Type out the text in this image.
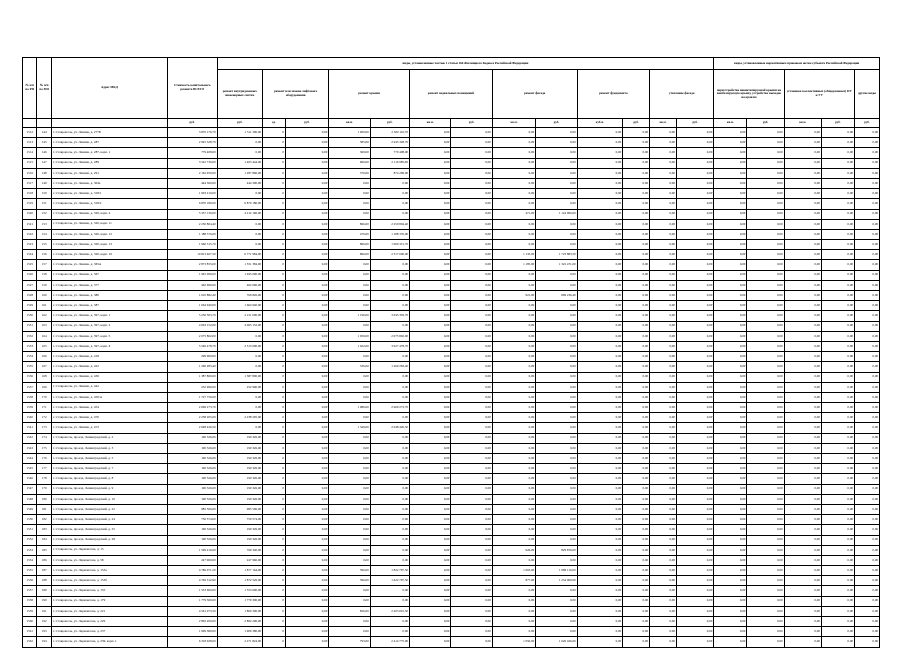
№ п/п по РП	№ п/п по МО	Адрес МКД	Стоимость капитального ремонта ВСЕГО	виды, установленные частью 1 статьи 166 Жилищного Кодекса Российской Федерации													виды, установленные нормативным правовым актом субъекта Российской Федерации				
				ремонт внутридомовых инженерных систем	ремонт или замена лифтового оборудования		ремонт крыши		ремонт подвальных помещений		ремонт фасада		ремонт фундамента		утепление фасада		переустройство невентилируемой крыши на вентилируемую крышу, устройство выходов на кровлю		установка коллективных (общедомовых) ПУ и УУ		другие виды
			руб.	руб.	ед.	руб.	кв.м.	руб.	кв.м.	руб.	кв.м.	руб.	куб.м.	руб.	кв.м.	руб.	кв.м.	руб.	кв.м.	руб.	руб.
1512	144	г. Ставрополь, ул. Ленина, д. 277Б	3 870 176,70	1 511 300,00	0	0,00	1 000,00	2 360 116,70	0,00	0,00	0,00	0,00	0,00	0,00	0,00	0,00	0,00	0,00	0,00	0,00	0,00
1513	145	г. Ставрополь, ул. Ленина, д. 287	2 945 328,70	0,00	0	0,00	585,00	2 945 328,70	0,00	0,00	0,00	0,00	0,00	0,00	0,00	0,00	0,00	0,00	0,00	0,00	0,00
1514	146	г. Ставрополь, ул. Ленина, д. 287, корп. 1	779 408,00	0,00	0	0,00	369,00	779 408,00	0,00	0,00	0,00	0,00	0,00	0,00	0,00	0,00	0,00	0,00	0,00	0,00	0,00
1515	147	г. Ставрополь, ул. Ленина, д. 289	3 522 730,00	1 403 444,00	0	0,00	966,00	2 116 985,00	0,00	0,00	0,00	0,00	0,00	0,00	0,00	0,00	0,00	0,00	0,00	0,00	0,00
1516	148	г. Ставрополь, ул. Ленина, д. 291	2 162 950,00	1 287 860,00	0	0,00	376,00	874 299,00	0,00	0,00	0,00	0,00	0,00	0,00	0,00	0,00	0,00	0,00	0,00	0,00	0,00
1517	149	г. Ставрополь, ул. Ленина, д. 304а	444 300,00	444 300,00	0	0,00	0,00	0,00	0,00	0,00	0,00	0,00	0,00	0,00	0,00	0,00	0,00	0,00	0,00	0,00	0,00
1518	150	г. Ставрополь, ул. Ленина, д. 318/1	1 903 210,00	0,00	0	0,00	0,00	0,00	0,00	0,00	0,00	0,00	0,00	0,00	0,00	0,00	0,00	0,00	0,00	0,00	0,00
1519	151	г. Ставрополь, ул. Ленина, д. 318/2	6 870 180,00	6 870 180,00	0	0,00	0,00	0,00	0,00	0,00	0,00	0,00	0,00	0,00	0,00	0,00	0,00	0,00	0,00	0,00	0,00
1520	152	г. Ставрополь, ул. Ленина, д. 320, корп. 4	5 337 130,00	4 212 160,00	0	0,00	0,00	0,00	0,00	0,00	471,00	1 124 960,00	0,00	0,00	0,00	0,00	0,00	0,00	0,00	0,00	0,00
1521	153	г. Ставрополь, ул. Ленина, д. 320, корп. 11	2 250 804,40	0,00	0	0,00	866,00	2 250 804,40	0,00	0,00	0,00	0,00	0,00	0,00	0,00	0,00	0,00	0,00	0,00	0,00	0,00
1522	154	г. Ставрополь, ул. Ленина, д. 320, корп. 12	1 188 376,00	0,00	0	0,00	476,00	1 188 376,00	0,00	0,00	0,00	0,00	0,00	0,00	0,00	0,00	0,00	0,00	0,00	0,00	0,00
1523	155	г. Ставрополь, ул. Ленина, д. 320, корп. 13	1 960 315,70	0,00	0	0,00	866,00	1 960 315,70	0,00	0,00	0,00	0,00	0,00	0,00	0,00	0,00	0,00	0,00	0,00	0,00	0,00
1524	156	г. Ставрополь, ул. Ленина, д. 320, корп. 19	10 813 467,50	6 771 984,00	0	0,00	866,00	2 317 600,00	0,00	0,00	1 135,00	1 723 883,50	0,00	0,00	0,00	0,00	0,00	0,00	0,00	0,00	0,00
1525	157	г. Ставрополь, ул. Ленина, д. 365А	2 873 855,00	1 551 384,00	0	0,00	0,00	0,00	0,00	0,00	1 185,00	1 322 471,00	0,00	0,00	0,00	0,00	0,00	0,00	0,00	0,00	0,00
1526	158	г. Ставрополь, ул. Ленина, д. 367	1 945 090,00	1 945 090,00	0	0,00	0,00	0,00	0,00	0,00	0,00	0,00	0,00	0,00	0,00	0,00	0,00	0,00	0,00	0,00	0,00
1527	159	г. Ставрополь, ул. Ленина, д. 377	462 690,00	462 690,00	0	0,00	0,00	0,00	0,00	0,00	0,00	0,00	0,00	0,00	0,00	0,00	0,00	0,00	0,00	0,00	0,00
1528	160	г. Ставрополь, ул. Ленина, д. 380	1 610 882,40	766 826,00	0	0,00	0,00	0,00	0,00	0,00	921,00	869 236,40	0,00	0,00	0,00	0,00	0,00	0,00	0,00	0,00	0,00
1529	161	г. Ставрополь, ул. Ленина, д. 387	1 664 940,00	1 664 940,00	0	0,00	0,00	0,00	0,00	0,00	0,00	0,00	0,00	0,00	0,00	0,00	0,00	0,00	0,00	0,00	0,00
1530	162	г. Ставрополь, ул. Ленина, д. 397, корп. 1	5 256 303,70	2 211 000,00	0	0,00	1 196,00	3 045 303,70	0,00	0,00	0,00	0,00	0,00	0,00	0,00	0,00	0,00	0,00	0,00	0,00	0,00
1531	163	г. Ставрополь, ул. Ленина, д. 397, корп. 2	4 063 152,00	4 063 152,00	0	0,00	0,00	0,00	0,00	0,00	0,00	0,00	0,00	0,00	0,00	0,00	0,00	0,00	0,00	0,00	0,00
1532	164	г. Ставрополь, ул. Ленина, д. 397, корп. 5	2 075 802,00	0,00	0	0,00	1 050,00	2 075 802,00	0,00	0,00	0,00	0,00	0,00	0,00	0,00	0,00	0,00	0,00	0,00	0,00	0,00
1533	165	г. Ставрополь, ул. Ленина, д. 397, корп. 6	5 540 478,70	2 513 000,00	0	0,00	1 022,00	3 027 478,70	0,00	0,00	0,00	0,00	0,00	0,00	0,00	0,00	0,00	0,00	0,00	0,00	0,00
1534	166	г. Ставрополь, ул. Ленина, д. 418	299 000,00	0,00	0	0,00	0,00	0,00	0,00	0,00	0,00	0,00	0,00	0,00	0,00	0,00	0,00	0,00	0,00	0,00	0,00
1535	167	г. Ставрополь, ул. Ленина, д. 422	1 260 283,40	0,00	0	0,00	536,00	1 260 283,40	0,00	0,00	0,00	0,00	0,00	0,00	0,00	0,00	0,00	0,00	0,00	0,00	0,00
1536	168	г. Ставрополь, ул. Ленина, д. 436	1 387 800,00	1 387 800,00	0	0,00	0,00	0,00	0,00	0,00	0,00	0,00	0,00	0,00	0,00	0,00	0,00	0,00	0,00	0,00	0,00
1537	169	г. Ставрополь, ул. Ленина, д. 442	252 990,00	252 990,00	0	0,00	0,00	0,00	0,00	0,00	0,00	0,00	0,00	0,00	0,00	0,00	0,00	0,00	0,00	0,00	0,00
1538	170	г. Ставрополь, ул. Ленина, д. 450/А	1 727 750,00	0,00	0	0,00	0,00	0,00	0,00	0,00	0,00	0,00	0,00	0,00	0,00	0,00	0,00	0,00	0,00	0,00	0,00
1539	171	г. Ставрополь, ул. Ленина, д. 454	2 669 273,70	0,00	0	0,00	1 086,00	2 669 273,70	0,00	0,00	0,00	0,00	0,00	0,00	0,00	0,00	0,00	0,00	0,00	0,00	0,00
1540	172	г. Ставрополь, ул. Ленина, д. 470	2 238 205,00	2 238 205,00	0	0,00	0,00	0,00	0,00	0,00	0,00	0,00	0,00	0,00	0,00	0,00	0,00	0,00	0,00	0,00	0,00
1541	173	г. Ставрополь, ул. Ленина, д. 472	2 048 426,50	0,00	0	0,00	1 349,00	2 048 426,50	0,00	0,00	0,00	0,00	0,00	0,00	0,00	0,00	0,00	0,00	0,00	0,00	0,00
1542	174	г. Ставрополь, проезд. Ленинградский, д. 2	190 326,00	190 326,00	0	0,00	0,00	0,00	0,00	0,00	0,00	0,00	0,00	0,00	0,00	0,00	0,00	0,00	0,00	0,00	0,00
1543	175	г. Ставрополь, проезд. Ленинградский, д. 3	190 326,00	190 326,00	0	0,00	0,00	0,00	0,00	0,00	0,00	0,00	0,00	0,00	0,00	0,00	0,00	0,00	0,00	0,00	0,00
1544	176	г. Ставрополь, проезд. Ленинградский, д. 5	190 326,00	190 326,00	0	0,00	0,00	0,00	0,00	0,00	0,00	0,00	0,00	0,00	0,00	0,00	0,00	0,00	0,00	0,00	0,00
1545	177	г. Ставрополь, проезд. Ленинградский, д. 7	190 326,00	190 326,00	0	0,00	0,00	0,00	0,00	0,00	0,00	0,00	0,00	0,00	0,00	0,00	0,00	0,00	0,00	0,00	0,00
1546	178	г. Ставрополь, проезд. Ленинградский, д. 8	190 326,00	190 326,00	0	0,00	0,00	0,00	0,00	0,00	0,00	0,00	0,00	0,00	0,00	0,00	0,00	0,00	0,00	0,00	0,00
1547	179	г. Ставрополь, проезд. Ленинградский, д. 9	190 326,00	190 326,00	0	0,00	0,00	0,00	0,00	0,00	0,00	0,00	0,00	0,00	0,00	0,00	0,00	0,00	0,00	0,00	0,00
1548	180	г. Ставрополь, проезд. Ленинградский, д. 10	190 326,00	190 326,00	0	0,00	0,00	0,00	0,00	0,00	0,00	0,00	0,00	0,00	0,00	0,00	0,00	0,00	0,00	0,00	0,00
1549	181	г. Ставрополь, проезд. Ленинградский, д. 22	985 506,00	985 506,00	0	0,00	0,00	0,00	0,00	0,00	0,00	0,00	0,00	0,00	0,00	0,00	0,00	0,00	0,00	0,00	0,00
1550	182	г. Ставрополь, проезд. Ленинградский, д. 24	750 574,00	750 574,00	0	0,00	0,00	0,00	0,00	0,00	0,00	0,00	0,00	0,00	0,00	0,00	0,00	0,00	0,00	0,00	0,00
1551	183	г. Ставрополь, проезд. Ленинградский, д. 25	190 326,00	190 326,00	0	0,00	0,00	0,00	0,00	0,00	0,00	0,00	0,00	0,00	0,00	0,00	0,00	0,00	0,00	0,00	0,00
1552	184	г. Ставрополь, проезд. Ленинградский, д. 28	190 326,00	190 326,00	0	0,00	0,00	0,00	0,00	0,00	0,00	0,00	0,00	0,00	0,00	0,00	0,00	0,00	0,00	0,00	0,00
1553	185	г. Ставрополь, ул. Лермонтова, д. 15	1 599 216,00	769 340,00	0	0,00	0,00	0,00	0,00	0,00	926,00	829 876,00	0,00	0,00	0,00	0,00	0,00	0,00	0,00	0,00	0,00
1554	186	г. Ставрополь, ул. Лермонтова, д. 58	247 960,00	247 960,00	0	0,00	0,00	0,00	0,00	0,00	0,00	0,00	0,00	0,00	0,00	0,00	0,00	0,00	0,00	0,00	0,00
1555	187	г. Ставрополь, ул. Лермонтова, д. 153а	4 786 071,50	1 877 164,00	0	0,00	596,00	1 822 797,50	0,00	0,00	1 663,00	1 086 110,00	0,00	0,00	0,00	0,00	0,00	0,00	0,00	0,00	0,00
1556	188	г. Ставрополь, ул. Лермонтова, д. 153б	4 749 312,90	1 872 526,00	0	0,00	596,00	1 622 797,50	0,00	0,00	877,00	1 254 000,00	0,00	0,00	0,00	0,00	0,00	0,00	0,00	0,00	0,00
1557	189	г. Ставрополь, ул. Лермонтова, д. 155	1 553 600,00	1 553 600,00	0	0,00	0,00	0,00	0,00	0,00	0,00	0,00	0,00	0,00	0,00	0,00	0,00	0,00	0,00	0,00	0,00
1558	190	г. Ставрополь, ул. Лермонтова, д. 179	1 779 300,00	1 779 300,00	0	0,00	0,00	0,00	0,00	0,00	0,00	0,00	0,00	0,00	0,00	0,00	0,00	0,00	0,00	0,00	0,00
1559	191	г. Ставрополь, ул. Лермонтова, д. 221	4 561 073,50	1 800 300,00	0	0,00	826,00	2 203 091,50	0,00	0,00	0,00	0,00	0,00	0,00	0,00	0,00	0,00	0,00	0,00	0,00	0,00
1560	192	г. Ставрополь, ул. Лермонтова, д. 229	2 892 200,00	2 892 200,00	0	0,00	0,00	0,00	0,00	0,00	0,00	0,00	0,00	0,00	0,00	0,00	0,00	0,00	0,00	0,00	0,00
1561	193	г. Ставрополь, ул. Лермонтова, д. 237	1 909 380,00	1 909 380,00	0	0,00	0,00	0,00	0,00	0,00	0,00	0,00	0,00	0,00	0,00	0,00	0,00	0,00	0,00	0,00	0,00
1562	194	г. Ставрополь, ул. Лермонтова, д. 239, корп. 1	6 318 028,00	2 271 824,00	0	0,00	793,00	2 414 775,00	0,00	0,00	1 050,00	1 626 426,00	0,00	0,00	0,00	0,00	0,00	0,00	0,00	0,00	0,00
